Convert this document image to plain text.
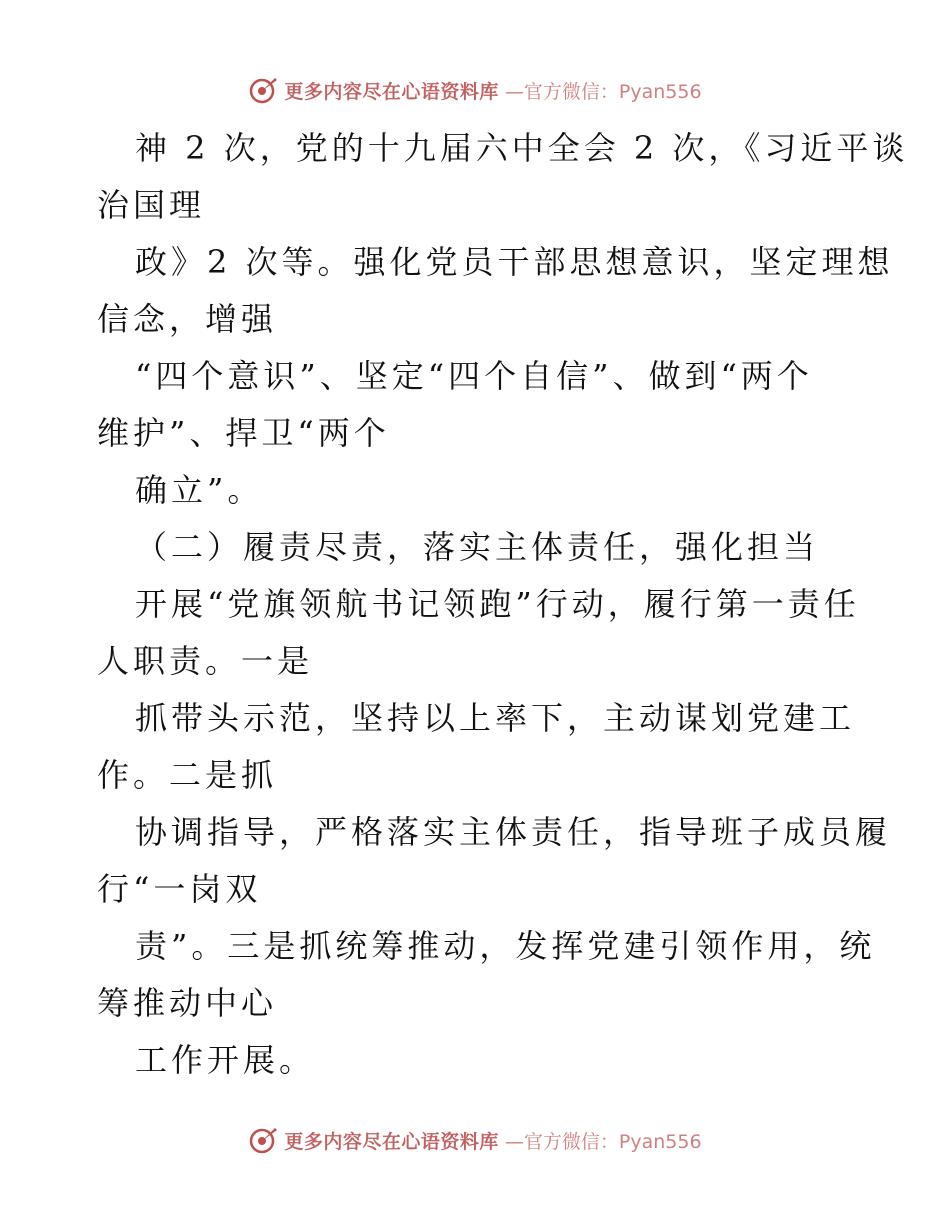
更多内容尽在心语资料库 —官方微信：Pyan556

神 2 次，党的十九届六中全会 2 次，《习近平谈
治国理

政》2 次等。强化党员干部思想意识，坚定理想
信念，增强

“四个意识”、坚定“四个自信”、做到“两个
维护”、捍卫“两个

确立”。

（二）履责尽责，落实主体责任，强化担当

开展“党旗领航书记领跑”行动，履行第一责任
人职责。一是

抓带头示范，坚持以上率下，主动谋划党建工
作。二是抓

协调指导，严格落实主体责任，指导班子成员履
行“一岗双

责”。三是抓统筹推动，发挥党建引领作用，统
筹推动中心

工作开展。

更多内容尽在心语资料库 —官方微信：Pyan556
